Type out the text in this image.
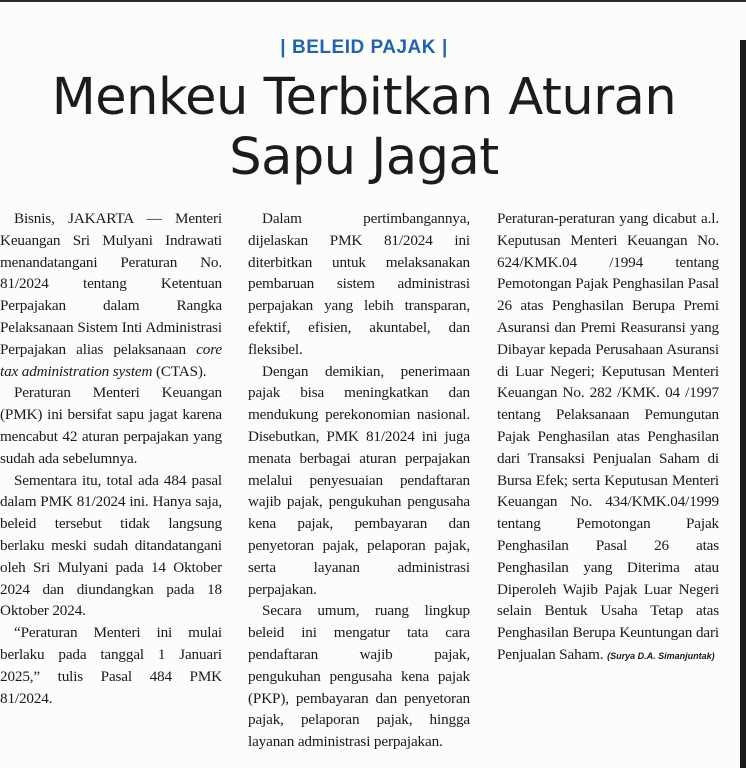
| BELEID PAJAK |
Menkeu Terbitkan Aturan
Sapu Jagat

Bisnis, JAKARTA — Menteri Keuangan Sri Mulyani Indrawati menandatangani Peraturan No. 81/2024 tentang Ketentuan Perpajakan dalam Rangka Pelaksanaan Sistem Inti Administrasi Perpajakan alias pelaksanaan core tax administration system (CTAS).

Peraturan Menteri Keuangan (PMK) ini bersifat sapu jagat karena mencabut 42 aturan perpajakan yang sudah ada sebelumnya.

Sementara itu, total ada 484 pasal dalam PMK 81/2024 ini. Hanya saja, beleid tersebut tidak langsung berlaku meski sudah ditandatangani oleh Sri Mulyani pada 14 Oktober 2024 dan diundangkan pada 18 Oktober 2024.

“Peraturan Menteri ini mulai berlaku pada tanggal 1 Januari 2025,” tulis Pasal 484 PMK 81/2024.

Dalam pertimbangannya, dijelaskan PMK 81/2024 ini diterbitkan untuk melaksanakan pembaruan sistem administrasi perpajakan yang lebih transparan, efektif, efisien, akuntabel, dan fleksibel.

Dengan demikian, penerimaan pajak bisa meningkatkan dan mendukung perekonomian nasional. Disebutkan, PMK 81/2024 ini juga menata berbagai aturan perpajakan melalui penyesuaian pendaftaran wajib pajak, pengukuhan pengusaha kena pajak, pembayaran dan penyetoran pajak, pelaporan pajak, serta layanan administrasi perpajakan.

Secara umum, ruang lingkup beleid ini mengatur tata cara pendaftaran wajib pajak, pengukuhan pengusaha kena pajak (PKP), pembayaran dan penyetoran pajak, pelaporan pajak, hingga layanan administrasi perpajakan.

Peraturan-peraturan yang dicabut a.l. Keputusan Menteri Keuangan No. 624/KMK.04 /1994 tentang Pemotongan Pajak Penghasilan Pasal 26 atas Penghasilan Berupa Premi Asuransi dan Premi Reasuransi yang Dibayar kepada Perusahaan Asuransi di Luar Negeri; Keputusan Menteri Keuangan No. 282 /KMK. 04 /1997 tentang Pelaksanaan Pemungutan Pajak Penghasilan atas Penghasilan dari Transaksi Penjualan Saham di Bursa Efek; serta Keputusan Menteri Keuangan No. 434/KMK.04/1999 tentang Pemotongan Pajak Penghasilan Pasal 26 atas Penghasilan yang Diterima atau Diperoleh Wajib Pajak Luar Negeri selain Bentuk Usaha Tetap atas Penghasilan Berupa Keuntungan dari Penjualan Saham. (Surya D.A. Simanjuntak)
